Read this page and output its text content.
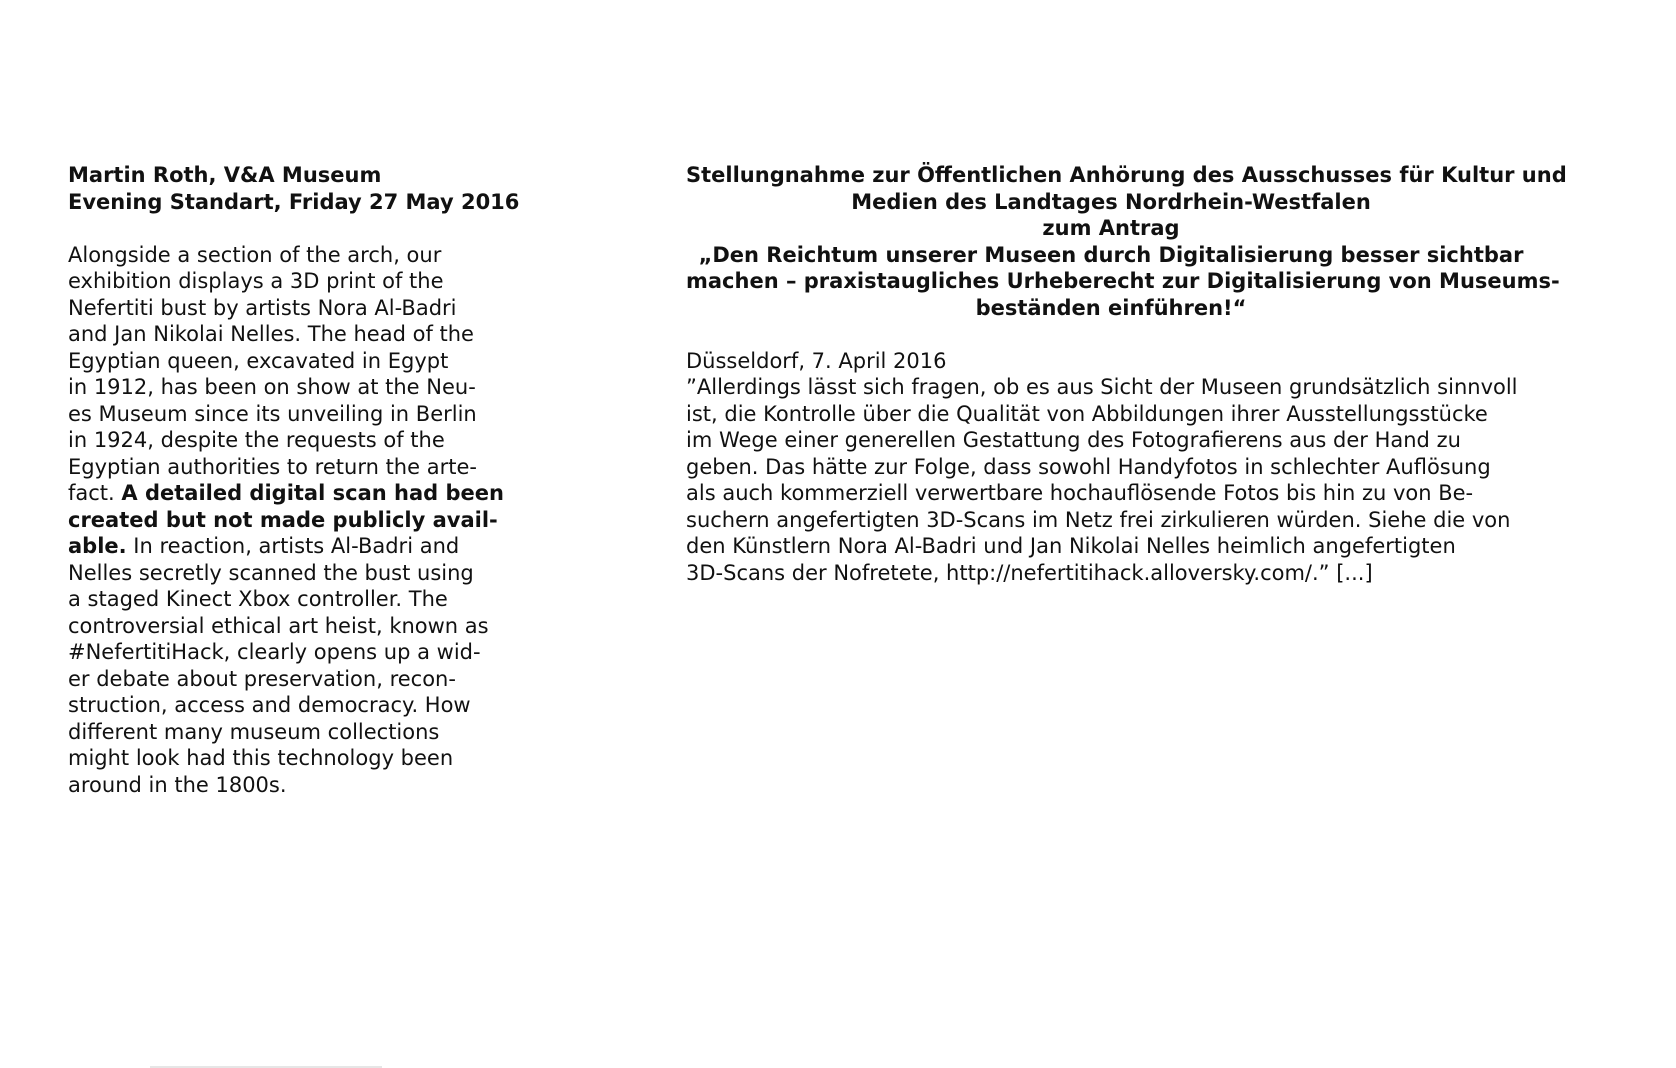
Martin Roth, V&A Museum
Evening Standart, Friday 27 May 2016
Alongside a section of the arch, our
exhibition displays a 3D print of the
Nefertiti bust by artists Nora Al-Badri
and Jan Nikolai Nelles. The head of the
Egyptian queen, excavated in Egypt
in 1912, has been on show at the Neu-
es Museum since its unveiling in Berlin
in 1924, despite the requests of the
Egyptian authorities to return the arte-
fact. A detailed digital scan had been
created but not made publicly avail-
able. In reaction, artists Al-Badri and
Nelles secretly scanned the bust using
a staged Kinect Xbox controller. The
controversial ethical art heist, known as
#NefertitiHack, clearly opens up a wid-
er debate about preservation, recon-
struction, access and democracy. How
different many museum collections
might look had this technology been
around in the 1800s.
Stellungnahme zur Öffentlichen Anhörung des Ausschusses für Kultur und
Medien des Landtages Nordrhein-Westfalen
zum Antrag
„Den Reichtum unserer Museen durch Digitalisierung besser sichtbar
machen – praxistaugliches Urheberecht zur Digitalisierung von Museums-
beständen einführen!“
Düsseldorf, 7. April 2016
”Allerdings lässt sich fragen, ob es aus Sicht der Museen grundsätzlich sinnvoll
ist, die Kontrolle über die Qualität von Abbildungen ihrer Ausstellungsstücke
im Wege einer generellen Gestattung des Fotografierens aus der Hand zu
geben. Das hätte zur Folge, dass sowohl Handyfotos in schlechter Auflösung
als auch kommerziell verwertbare hochauflösende Fotos bis hin zu von Be-
suchern angefertigten 3D-Scans im Netz frei zirkulieren würden. Siehe die von
den Künstlern Nora Al-Badri und Jan Nikolai Nelles heimlich angefertigten
3D-Scans der Nofretete, http://nefertitihack.alloversky.com/.” [...]
